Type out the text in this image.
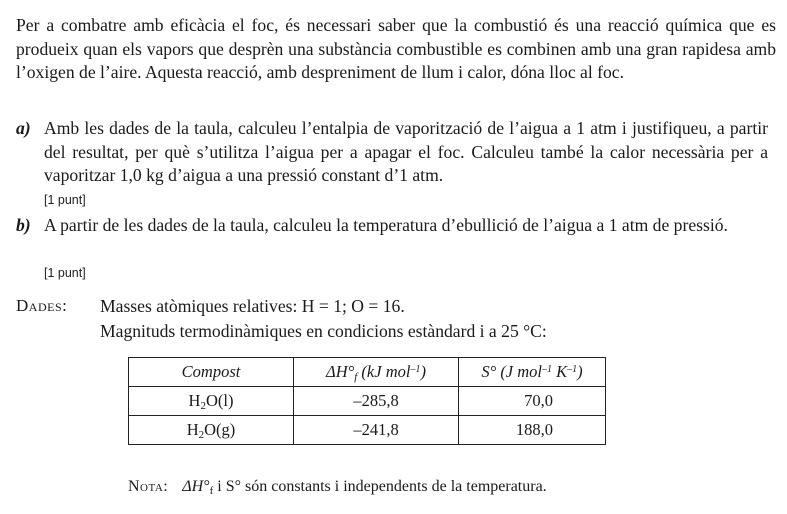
Per a combatre amb eficàcia el foc, és necessari saber que la combustió és una reacció química que es produeix quan els vapors que desprèn una substància combustible es combinen amb una gran rapidesa amb l’oxigen de l’aire. Aquesta reacció, amb despreniment de llum i calor, dóna lloc al foc.
a) Amb les dades de la taula, calculeu l’entalpia de vaporització de l’aigua a 1 atm i justifiqueu, a partir del resultat, per què s’utilitza l’aigua per a apagar el foc. Calculeu també la calor necessària per a vaporitzar 1,0 kg d’aigua a una pressió constant d’1 atm.
[1 punt]
b) A partir de les dades de la taula, calculeu la temperatura d’ebullició de l’aigua a 1 atm de pressió.
[1 punt]
Dades: Masses atòmiques relatives: H = 1; O = 16.
Magnituds termodinàmiques en condicions estàndard i a 25 °C:
Compost	$\Delta H^\circ_f$ (kJ mol$^{-1}$)	S° (J mol$^{-1}$ $K^{-1}$)
$H_2O(l)$	–285,8	70,0
$H_2O(g)$	–241,8	188,0
Nota: $\Delta H^\circ_f$ i S° són constants i independents de la temperatura.
